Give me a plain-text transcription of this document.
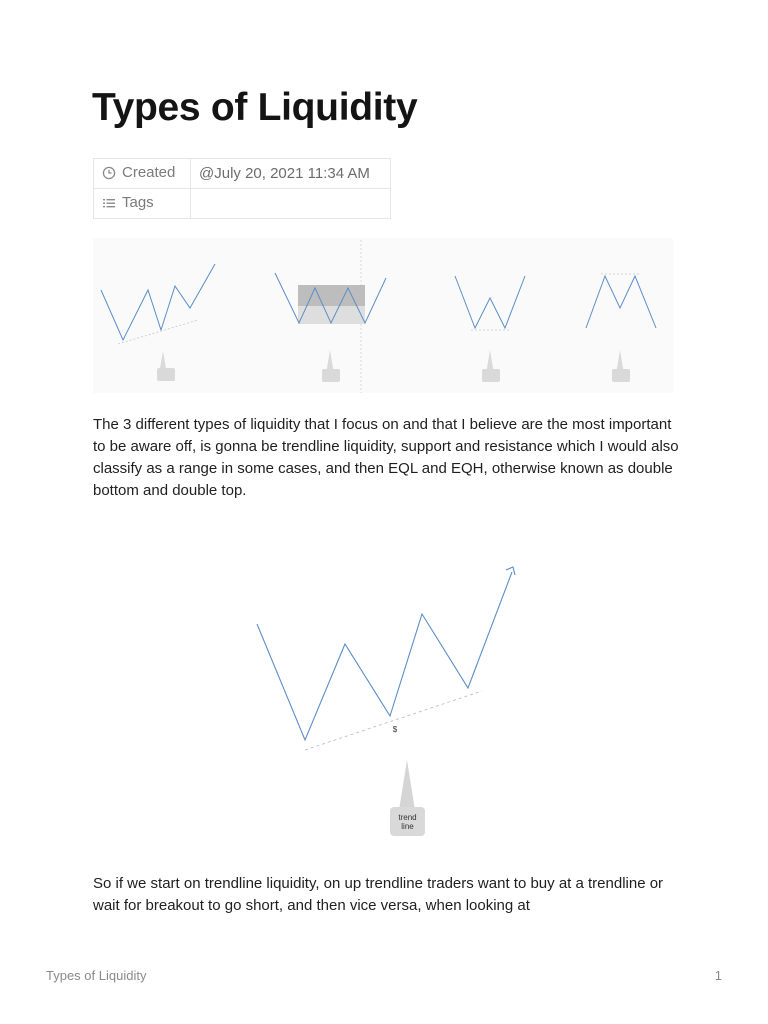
Types of Liquidity
Created	@July 20, 2021 11:34 AM
Tags	

The 3 different types of liquidity that I focus on and that I believe are the most important to be aware off, is gonna be trendline liquidity, support and resistance which I would also classify as a range in some cases, and then EQL and EQH, otherwise known as double bottom and double top.

$
trend
line

So if we start on trendline liquidity, on up trendline traders want to buy at a trendline or wait for breakout to go short, and then vice versa, when looking at

Types of Liquidity	1
